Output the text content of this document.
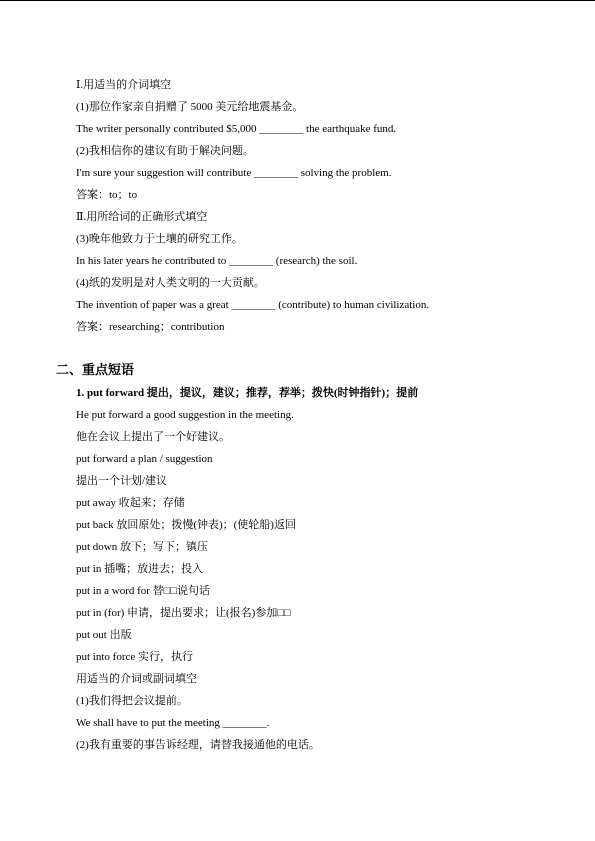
Ⅰ.用适当的介词填空
(1)那位作家亲自捐赠了 5000 美元给地震基金。
The writer personally contributed $5,000 ________ the earthquake fund.
(2)我相信你的建议有助于解决问题。
I'm sure your suggestion will contribute ________ solving the problem.
答案：to；to
Ⅱ.用所给词的正确形式填空
(3)晚年他致力于土壤的研究工作。
In his later years he contributed to ________ (research) the soil.
(4)纸的发明是对人类文明的一大贡献。
The invention of paper was a great ________ (contribute) to human civilization.
答案：researching；contribution
二、重点短语
1. put forward 提出，提议，建议；推荐，荐举；拨快(时钟指针)；提前
He put forward a good suggestion in the meeting.
他在会议上提出了一个好建议。
put forward a plan / suggestion
提出一个计划/建议
put away 收起来；存储
put back 放回原处；拨慢(钟表)；(使轮船)返回
put down 放下；写下；镇压
put in 插嘴；放进去；投入
put in a word for 替□□说句话
put in (for) 申请，提出要求；让(报名)参加□□
put out 出版
put into force 实行，执行
用适当的介词或副词填空
(1)我们得把会议提前。
We shall have to put the meeting ________.
(2)我有重要的事告诉经理，请替我接通他的电话。
